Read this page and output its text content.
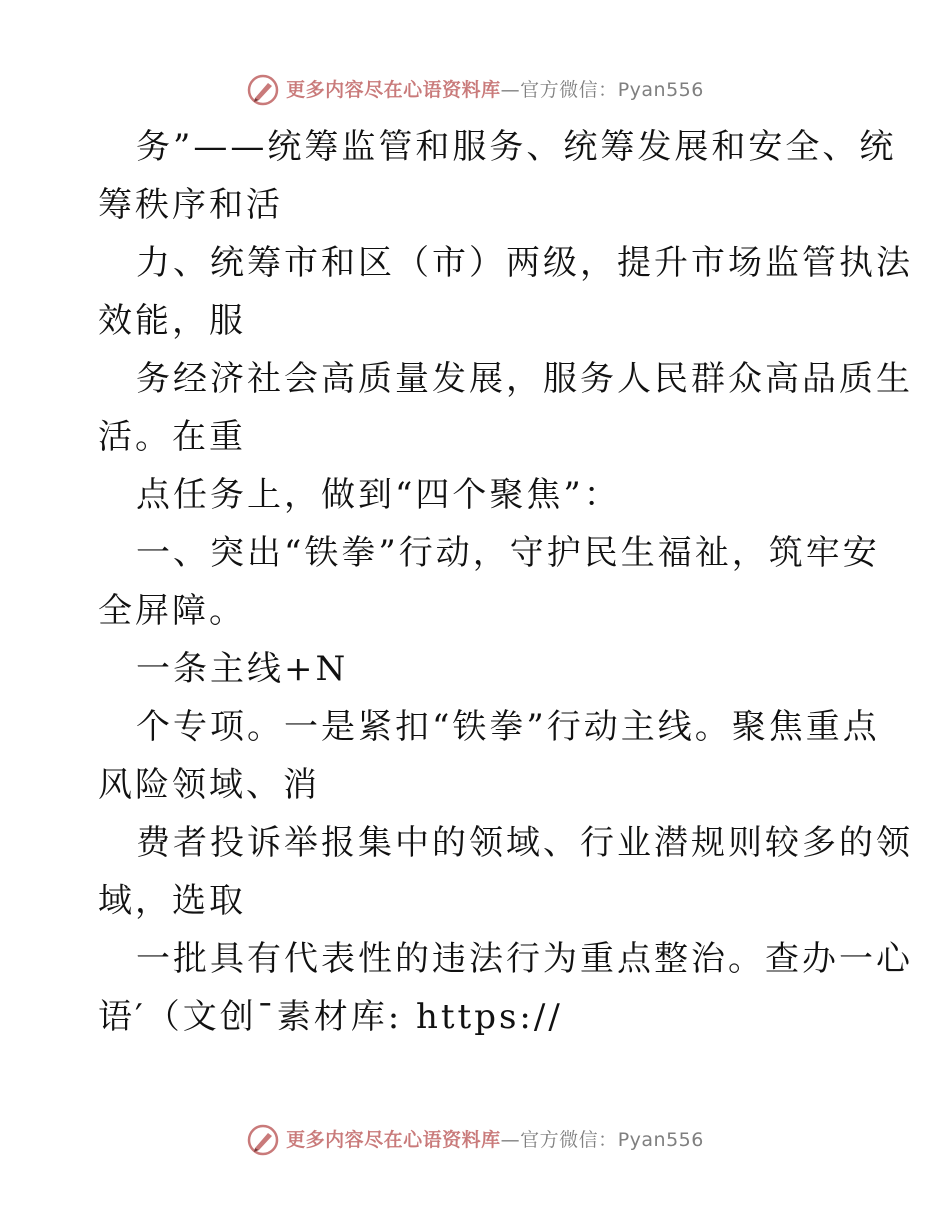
更多内容尽在心语资料库—官方微信：Pyan556
务”——统筹监管和服务、统筹发展和安全、统
筹秩序和活
力、统筹市和区（市）两级，提升市场监管执法
效能，服
务经济社会高质量发展，服务人民群众高品质生
活。在重
点任务上，做到“四个聚焦”：
一、突出“铁拳”行动，守护民生福祉，筑牢安
全屏障。
一条主线+N
个专项。一是紧扣“铁拳”行动主线。聚焦重点
风险领域、消
费者投诉举报集中的领域、行业潜规则较多的领
域，选取
一批具有代表性的违法行为重点整治。查办一心
语′（文创¯素材库: https://
更多内容尽在心语资料库—官方微信：Pyan556
